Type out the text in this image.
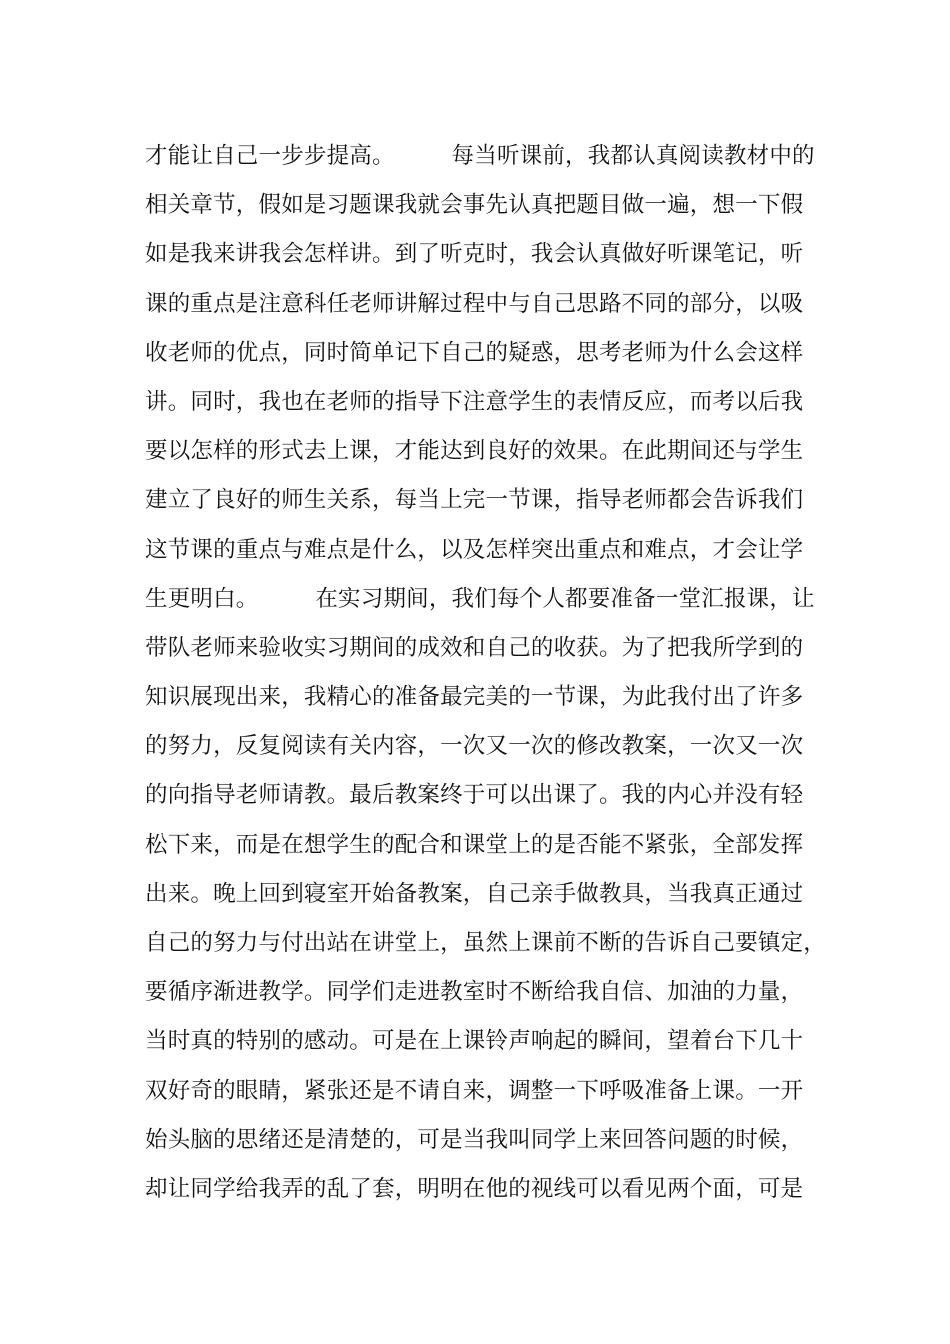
才能让自己一步步提高。　　　每当听课前，我都认真阅读教材中的
相关章节，假如是习题课我就会事先认真把题目做一遍，想一下假
如是我来讲我会怎样讲。到了听克时，我会认真做好听课笔记，听
课的重点是注意科任老师讲解过程中与自己思路不同的部分，以吸
收老师的优点，同时简单记下自己的疑惑，思考老师为什么会这样
讲。同时，我也在老师的指导下注意学生的表情反应，而考以后我
要以怎样的形式去上课，才能达到良好的效果。在此期间还与学生
建立了良好的师生关系，每当上完一节课，指导老师都会告诉我们
这节课的重点与难点是什么，以及怎样突出重点和难点，才会让学
生更明白。　　　在实习期间，我们每个人都要准备一堂汇报课，让
带队老师来验收实习期间的成效和自己的收获。为了把我所学到的
知识展现出来，我精心的准备最完美的一节课，为此我付出了许多
的努力，反复阅读有关内容，一次又一次的修改教案，一次又一次
的向指导老师请教。最后教案终于可以出课了。我的内心并没有轻
松下来，而是在想学生的配合和课堂上的是否能不紧张，全部发挥
出来。晚上回到寝室开始备教案，自己亲手做教具，当我真正通过
自己的努力与付出站在讲堂上，虽然上课前不断的告诉自己要镇定，
要循序渐进教学。同学们走进教室时不断给我自信、加油的力量，
当时真的特别的感动。可是在上课铃声响起的瞬间，望着台下几十
双好奇的眼睛，紧张还是不请自来，调整一下呼吸准备上课。一开
始头脑的思绪还是清楚的，可是当我叫同学上来回答问题的时候，
却让同学给我弄的乱了套，明明在他的视线可以看见两个面，可是
